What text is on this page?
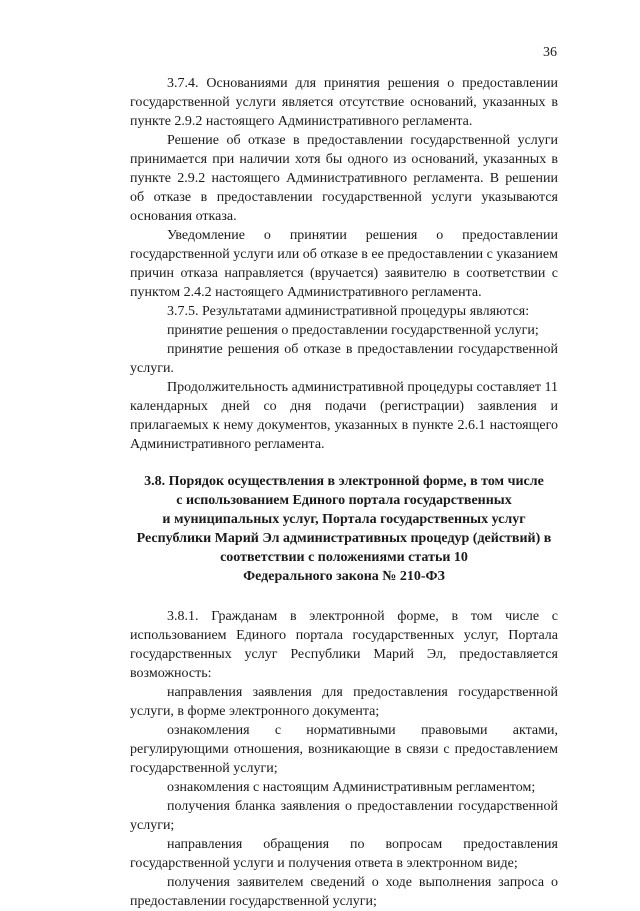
36

3.7.4. Основаниями для принятия решения о предоставлении государственной услуги является отсутствие оснований, указанных в пункте 2.9.2 настоящего Административного регламента.

Решение об отказе в предоставлении государственной услуги принимается при наличии хотя бы одного из оснований, указанных в пункте 2.9.2 настоящего Административного регламента. В решении об отказе в предоставлении государственной услуги указываются основания отказа.

Уведомление о принятии решения о предоставлении государственной услуги или об отказе в ее предоставлении с указанием причин отказа направляется (вручается) заявителю в соответствии с пунктом 2.4.2 настоящего Административного регламента.

3.7.5. Результатами административной процедуры являются:

принятие решения о предоставлении государственной услуги;

принятие решения об отказе в предоставлении государственной услуги.

Продолжительность административной процедуры составляет 11 календарных дней со дня подачи (регистрации) заявления и прилагаемых к нему документов, указанных в пункте 2.6.1 настоящего Административного регламента.

3.8. Порядок осуществления в электронной форме, в том числе
с использованием Единого портала государственных
и муниципальных услуг, Портала государственных услуг
Республики Марий Эл административных процедур (действий) в
соответствии с положениями статьи 10
Федерального закона № 210-ФЗ

3.8.1. Гражданам в электронной форме, в том числе с использованием Единого портала государственных услуг, Портала государственных услуг Республики Марий Эл, предоставляется возможность:

направления заявления для предоставления государственной услуги, в форме электронного документа;

ознакомления с нормативными правовыми актами, регулирующими отношения, возникающие в связи с предоставлением государственной услуги;

ознакомления с настоящим Административным регламентом;

получения бланка заявления о предоставлении государственной услуги;

направления обращения по вопросам предоставления государственной услуги и получения ответа в электронном виде;

получения заявителем сведений о ходе выполнения запроса о предоставлении государственной услуги;
